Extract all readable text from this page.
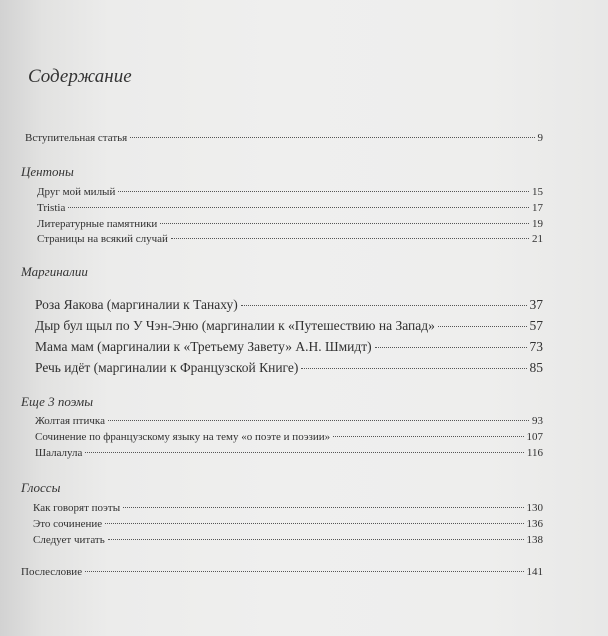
Содержание
Вступительная статья	9
Центоны
Друг мой милый	15
Tristia	17
Литературные памятники	19
Страницы на всякий случай	21
Маргиналии
Роза Яакова (маргиналии к Танаху)	37
Дыр бул щыл по У Чэн-Эню (маргиналии к «Путешествию на Запад»	57
Мама мам (маргиналии к «Третьему Завету» А.Н. Шмидт)	73
Речь идёт (маргиналии к Французской Книге)	85
Еще 3 поэмы
Жолтая птичка	93
Сочинение по французскому языку на тему «о поэте и поэзии»	107
Шалалула	116
Глоссы
Как говорят поэты	130
Это сочинение	136
Следует читать	138
Послесловие	141
